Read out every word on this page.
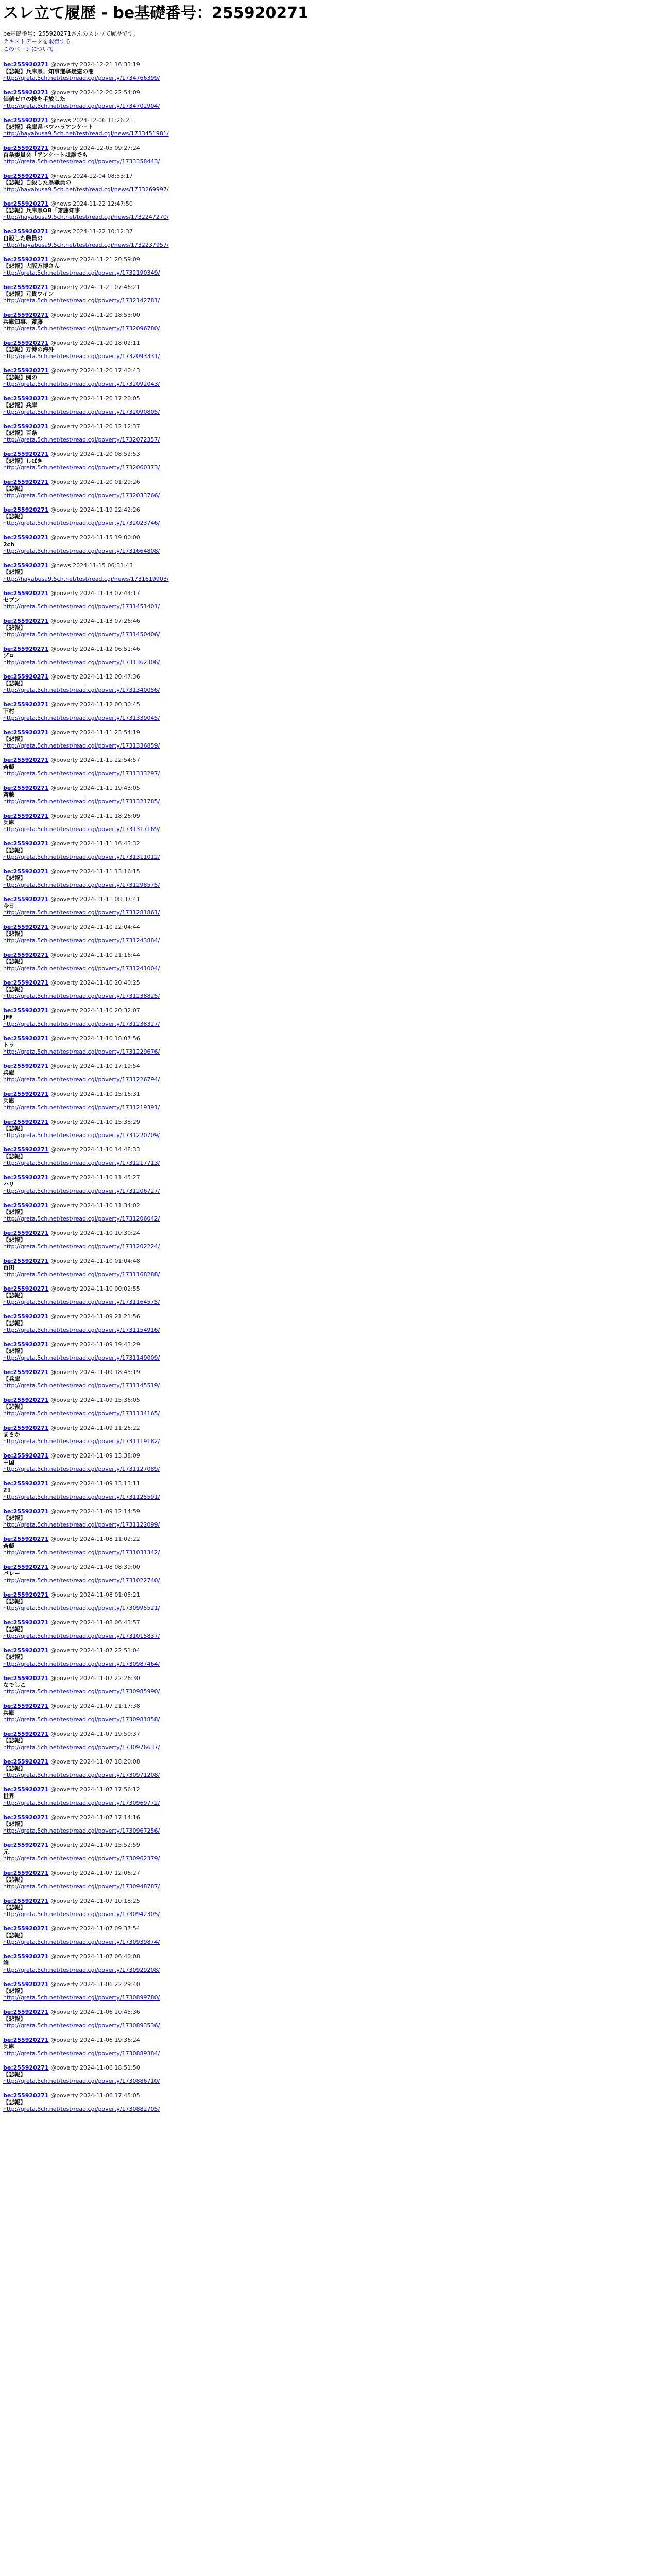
スレ立て履歴 - be基礎番号：255920271
be基礎番号：255920271さんのスレ立て履歴です。
テキストデータを取得する
このページについて
be:255920271 @poverty 2024-12-21 16:33:19
【悲報】兵庫県、知事選挙疑惑の闇
http://greta.5ch.net/test/read.cgi/poverty/1734766399/
be:255920271 @poverty 2024-12-20 22:54:09
価値ゼロの株を手放した
http://greta.5ch.net/test/read.cgi/poverty/1734702904/
be:255920271 @news 2024-12-06 11:26:21
【悲報】兵庫県パワハラアンケート
http://hayabusa9.5ch.net/test/read.cgi/news/1733451981/
be:255920271 @poverty 2024-12-05 09:27:24
百条委員会「アンケートは誰でも
http://greta.5ch.net/test/read.cgi/poverty/1733358443/
be:255920271 @news 2024-12-04 08:53:17
【悲報】自殺した県職員の
http://hayabusa9.5ch.net/test/read.cgi/news/1733269997/
be:255920271 @news 2024-11-22 12:47:50
【悲報】兵庫県OB「斎藤知事
http://hayabusa9.5ch.net/test/read.cgi/news/1732247270/
be:255920271 @news 2024-11-22 10:12:37
自殺した職員の
http://hayabusa9.5ch.net/test/read.cgi/news/1732237957/
be:255920271 @poverty 2024-11-21 20:59:09
【悲報】大阪万博さん
http://greta.5ch.net/test/read.cgi/poverty/1732190349/
be:255920271 @poverty 2024-11-21 07:46:21
【悲報】元貴ワイン
http://greta.5ch.net/test/read.cgi/poverty/1732142781/
be:255920271 @poverty 2024-11-20 18:53:00
兵庫知事、斎藤
http://greta.5ch.net/test/read.cgi/poverty/1732096780/
be:255920271 @poverty 2024-11-20 18:02:11
【悲報】万博の海外
http://greta.5ch.net/test/read.cgi/poverty/1732093331/
be:255920271 @poverty 2024-11-20 17:40:43
【悲報】例の
http://greta.5ch.net/test/read.cgi/poverty/1732092043/
be:255920271 @poverty 2024-11-20 17:20:05
【悲報】兵庫
http://greta.5ch.net/test/read.cgi/poverty/1732090805/
be:255920271 @poverty 2024-11-20 12:12:37
【悲報】百条
http://greta.5ch.net/test/read.cgi/poverty/1732072357/
be:255920271 @poverty 2024-11-20 08:52:53
【悲報】しばき
http://greta.5ch.net/test/read.cgi/poverty/1732060373/
be:255920271 @poverty 2024-11-20 01:29:26
【悲報】
http://greta.5ch.net/test/read.cgi/poverty/1732033766/
be:255920271 @poverty 2024-11-19 22:42:26
【悲報】
http://greta.5ch.net/test/read.cgi/poverty/1732023746/
be:255920271 @poverty 2024-11-15 19:00:00
2ch
http://greta.5ch.net/test/read.cgi/poverty/1731664808/
be:255920271 @news 2024-11-15 06:31:43
【悲報】
http://hayabusa9.5ch.net/test/read.cgi/news/1731619903/
be:255920271 @poverty 2024-11-13 07:44:17
セブン
http://greta.5ch.net/test/read.cgi/poverty/1731451401/
be:255920271 @poverty 2024-11-13 07:26:46
【悲報】
http://greta.5ch.net/test/read.cgi/poverty/1731450406/
be:255920271 @poverty 2024-11-12 06:51:46
プロ
http://greta.5ch.net/test/read.cgi/poverty/1731362306/
be:255920271 @poverty 2024-11-12 00:47:36
【悲報】
http://greta.5ch.net/test/read.cgi/poverty/1731340056/
be:255920271 @poverty 2024-11-12 00:30:45
下村
http://greta.5ch.net/test/read.cgi/poverty/1731339045/
be:255920271 @poverty 2024-11-11 23:54:19
【悲報】
http://greta.5ch.net/test/read.cgi/poverty/1731336859/
be:255920271 @poverty 2024-11-11 22:54:57
斎藤
http://greta.5ch.net/test/read.cgi/poverty/1731333297/
be:255920271 @poverty 2024-11-11 19:43:05
斎藤
http://greta.5ch.net/test/read.cgi/poverty/1731321785/
be:255920271 @poverty 2024-11-11 18:26:09
兵庫
http://greta.5ch.net/test/read.cgi/poverty/1731317169/
be:255920271 @poverty 2024-11-11 16:43:32
【悲報】
http://greta.5ch.net/test/read.cgi/poverty/1731311012/
be:255920271 @poverty 2024-11-11 13:16:15
【悲報】
http://greta.5ch.net/test/read.cgi/poverty/1731298575/
be:255920271 @poverty 2024-11-11 08:37:41
今日
http://greta.5ch.net/test/read.cgi/poverty/1731281861/
be:255920271 @poverty 2024-11-10 22:04:44
【悲報】
http://greta.5ch.net/test/read.cgi/poverty/1731243884/
be:255920271 @poverty 2024-11-10 21:16:44
【悲報】
http://greta.5ch.net/test/read.cgi/poverty/1731241004/
be:255920271 @poverty 2024-11-10 20:40:25
【悲報】
http://greta.5ch.net/test/read.cgi/poverty/1731238825/
be:255920271 @poverty 2024-11-10 20:32:07
JFF
http://greta.5ch.net/test/read.cgi/poverty/1731238327/
be:255920271 @poverty 2024-11-10 18:07:56
トラ
http://greta.5ch.net/test/read.cgi/poverty/1731229676/
be:255920271 @poverty 2024-11-10 17:19:54
兵庫
http://greta.5ch.net/test/read.cgi/poverty/1731226794/
be:255920271 @poverty 2024-11-10 15:16:31
兵庫
http://greta.5ch.net/test/read.cgi/poverty/1731219391/
be:255920271 @poverty 2024-11-10 15:38:29
【悲報】
http://greta.5ch.net/test/read.cgi/poverty/1731220709/
be:255920271 @poverty 2024-11-10 14:48:33
【悲報】
http://greta.5ch.net/test/read.cgi/poverty/1731217713/
be:255920271 @poverty 2024-11-10 11:45:27
ハリ
http://greta.5ch.net/test/read.cgi/poverty/1731206727/
be:255920271 @poverty 2024-11-10 11:34:02
【悲報】
http://greta.5ch.net/test/read.cgi/poverty/1731206042/
be:255920271 @poverty 2024-11-10 10:30:24
【悲報】
http://greta.5ch.net/test/read.cgi/poverty/1731202224/
be:255920271 @poverty 2024-11-10 01:04:48
百田
http://greta.5ch.net/test/read.cgi/poverty/1731168288/
be:255920271 @poverty 2024-11-10 00:02:55
【悲報】
http://greta.5ch.net/test/read.cgi/poverty/1731164575/
be:255920271 @poverty 2024-11-09 21:21:56
【悲報】
http://greta.5ch.net/test/read.cgi/poverty/1731154916/
be:255920271 @poverty 2024-11-09 19:43:29
【悲報】
http://greta.5ch.net/test/read.cgi/poverty/1731149009/
be:255920271 @poverty 2024-11-09 18:45:19
【兵庫
http://greta.5ch.net/test/read.cgi/poverty/1731145519/
be:255920271 @poverty 2024-11-09 15:36:05
【悲報】
http://greta.5ch.net/test/read.cgi/poverty/1731134165/
be:255920271 @poverty 2024-11-09 11:26:22
まさか
http://greta.5ch.net/test/read.cgi/poverty/1731119182/
be:255920271 @poverty 2024-11-09 13:38:09
中国
http://greta.5ch.net/test/read.cgi/poverty/1731127089/
be:255920271 @poverty 2024-11-09 13:13:11
21
http://greta.5ch.net/test/read.cgi/poverty/1731125591/
be:255920271 @poverty 2024-11-09 12:14:59
【悲報】
http://greta.5ch.net/test/read.cgi/poverty/1731122099/
be:255920271 @poverty 2024-11-08 11:02:22
斎藤
http://greta.5ch.net/test/read.cgi/poverty/1731031342/
be:255920271 @poverty 2024-11-08 08:39:00
パレー
http://greta.5ch.net/test/read.cgi/poverty/1731022740/
be:255920271 @poverty 2024-11-08 01:05:21
【悲報】
http://greta.5ch.net/test/read.cgi/poverty/1730995521/
be:255920271 @poverty 2024-11-08 06:43:57
【悲報】
http://greta.5ch.net/test/read.cgi/poverty/1731015837/
be:255920271 @poverty 2024-11-07 22:51:04
【悲報】
http://greta.5ch.net/test/read.cgi/poverty/1730987464/
be:255920271 @poverty 2024-11-07 22:26:30
なでしこ
http://greta.5ch.net/test/read.cgi/poverty/1730985990/
be:255920271 @poverty 2024-11-07 21:17:38
兵庫
http://greta.5ch.net/test/read.cgi/poverty/1730981858/
be:255920271 @poverty 2024-11-07 19:50:37
【悲報】
http://greta.5ch.net/test/read.cgi/poverty/1730976637/
be:255920271 @poverty 2024-11-07 18:20:08
【悲報】
http://greta.5ch.net/test/read.cgi/poverty/1730971208/
be:255920271 @poverty 2024-11-07 17:56:12
世界
http://greta.5ch.net/test/read.cgi/poverty/1730969772/
be:255920271 @poverty 2024-11-07 17:14:16
【悲報】
http://greta.5ch.net/test/read.cgi/poverty/1730967256/
be:255920271 @poverty 2024-11-07 15:52:59
元
http://greta.5ch.net/test/read.cgi/poverty/1730962379/
be:255920271 @poverty 2024-11-07 12:06:27
【悲報】
http://greta.5ch.net/test/read.cgi/poverty/1730948787/
be:255920271 @poverty 2024-11-07 10:18:25
【悲報】
http://greta.5ch.net/test/read.cgi/poverty/1730942305/
be:255920271 @poverty 2024-11-07 09:37:54
【悲報】
http://greta.5ch.net/test/read.cgi/poverty/1730939874/
be:255920271 @poverty 2024-11-07 06:40:08
誰
http://greta.5ch.net/test/read.cgi/poverty/1730929208/
be:255920271 @poverty 2024-11-06 22:29:40
【悲報】
http://greta.5ch.net/test/read.cgi/poverty/1730899780/
be:255920271 @poverty 2024-11-06 20:45:36
【悲報】
http://greta.5ch.net/test/read.cgi/poverty/1730893536/
be:255920271 @poverty 2024-11-06 19:36:24
兵庫
http://greta.5ch.net/test/read.cgi/poverty/1730889384/
be:255920271 @poverty 2024-11-06 18:51:50
【悲報】
http://greta.5ch.net/test/read.cgi/poverty/1730886710/
be:255920271 @poverty 2024-11-06 17:45:05
【悲報】
http://greta.5ch.net/test/read.cgi/poverty/1730882705/
